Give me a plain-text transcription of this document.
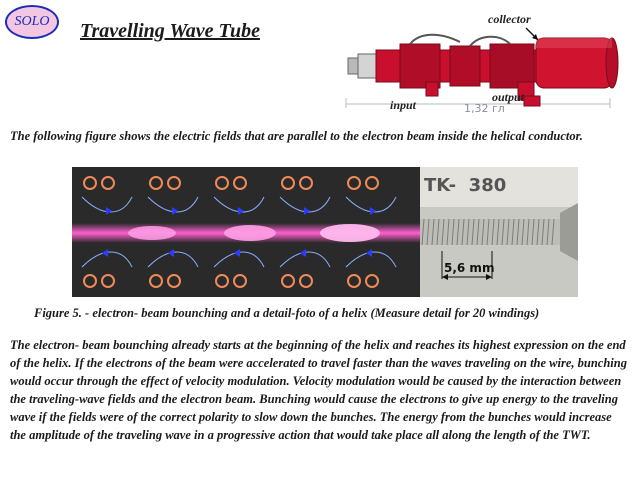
SOLO	Travelling Wave Tube
collector
output
input	1,32 гл
The following figure shows the electric fields that are parallel to the electron beam inside the helical conductor.
TK-  380
5,6 mm
Figure 5. - electron- beam bounching and a detail-foto of a helix (Measure detail for 20 windings)
The electron- beam bounching already starts at the beginning of the helix and reaches its highest expression on the end of the helix. If the electrons of the beam were accelerated to travel faster than the waves traveling on the wire, bunching would occur through the effect of velocity modulation. Velocity modulation would be caused by the interaction between the traveling-wave fields and the electron beam. Bunching would cause the electrons to give up energy to the traveling wave if the fields were of the correct polarity to slow down the bunches. The energy from the bunches would increase the amplitude of the traveling wave in a progressive action that would take place all along the length of the TWT.
